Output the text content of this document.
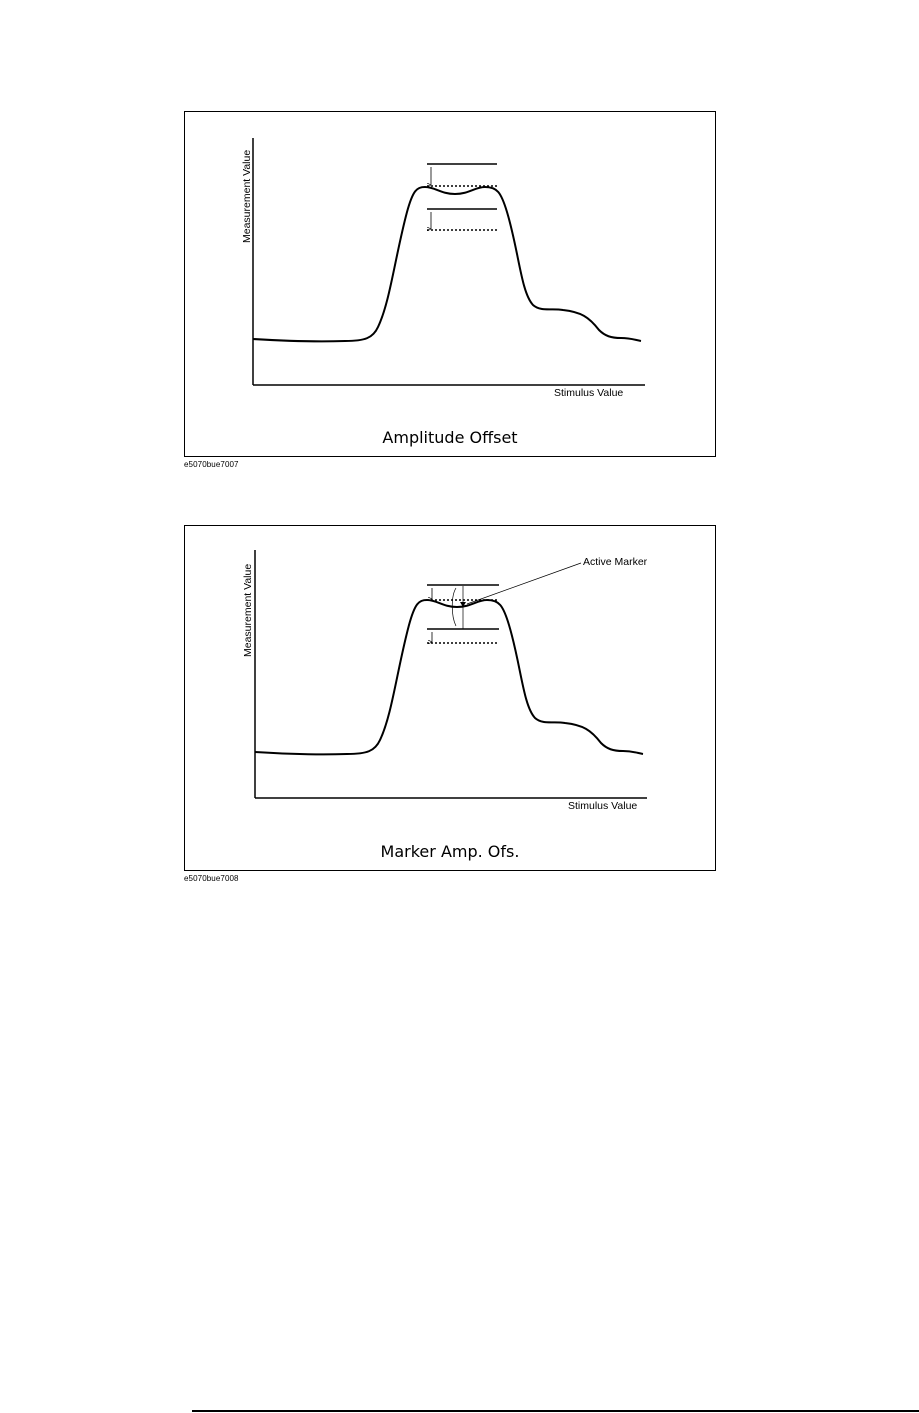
Measurement Value
Stimulus Value
Amplitude Offset
e5070bue7007
Measurement Value
Stimulus Value
Active Marker
Marker Amp. Ofs.
e5070bue7008
